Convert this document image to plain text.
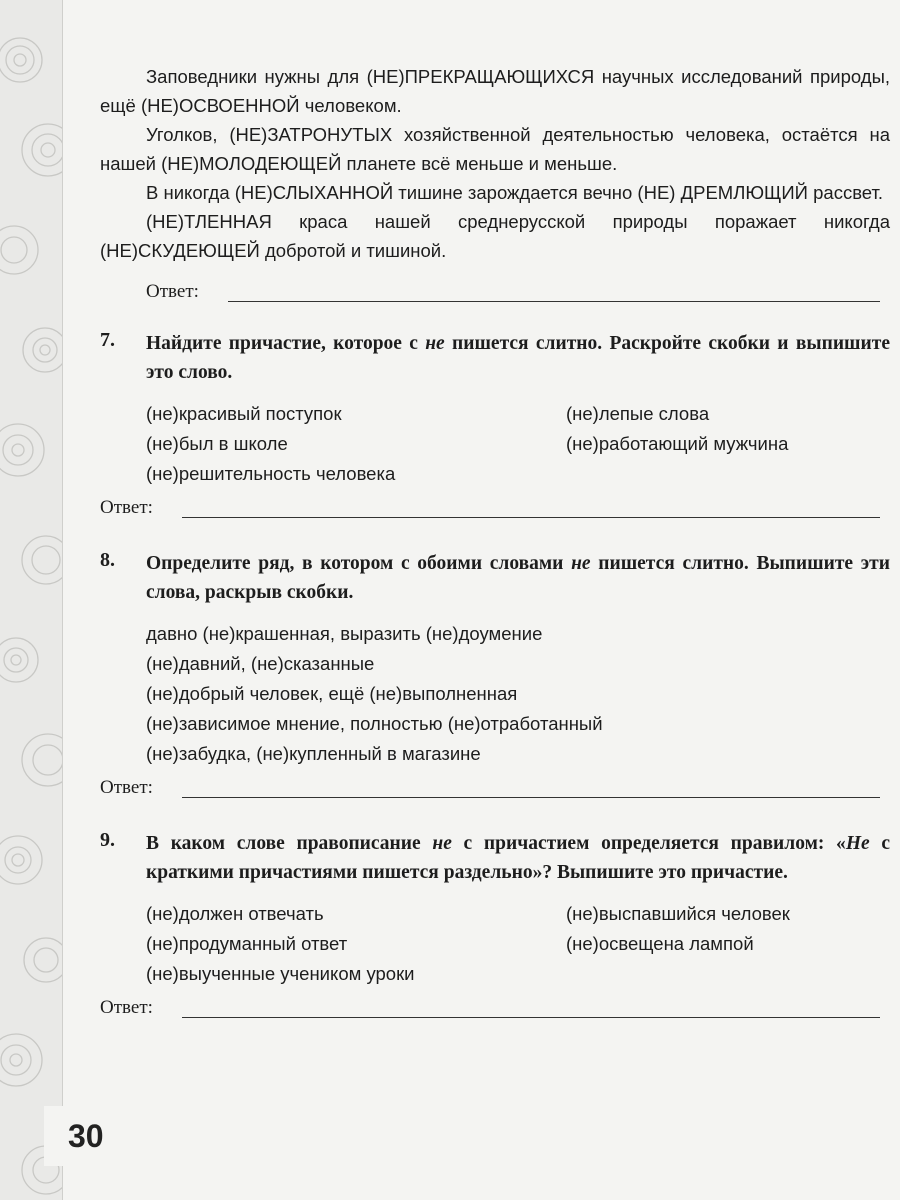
30

Заповедники нужны для (НЕ)ПРЕКРАЩАЮЩИХСЯ научных исследований природы, ещё (НЕ)ОСВОЕННОЙ человеком.

Уголков, (НЕ)ЗАТРОНУТЫХ хозяйственной деятельностью человека, остаётся на нашей (НЕ)МОЛОДЕЮЩЕЙ планете всё меньше и меньше.

В никогда (НЕ)СЛЫХАННОЙ тишине зарождается вечно (НЕ) ДРЕМЛЮЩИЙ рассвет.

(НЕ)ТЛЕННАЯ краса нашей среднерусской природы поражает никогда (НЕ)СКУДЕЮЩЕЙ добротой и тишиной.

Ответ:
7. Найдите причастие, которое с не пишется слитно. Раскройте скобки и выпишите это слово.
(не)красивый поступок	(не)лепые слова
(не)был в школе	(не)работающий мужчина
(не)решительность человека
Ответ:
8. Определите ряд, в котором с обоими словами не пишется слитно. Выпишите эти слова, раскрыв скобки.
давно (не)крашенная, выразить (не)доумение
(не)давний, (не)сказанные
(не)добрый человек, ещё (не)выполненная
(не)зависимое мнение, полностью (не)отработанный
(не)забудка, (не)купленный в магазине
Ответ:
9. В каком слове правописание не с причастием определяется правилом: «Не с краткими причастиями пишется раздельно»? Выпишите это причастие.
(не)должен отвечать	(не)выспавшийся человек
(не)продуманный ответ	(не)освещена лампой
(не)выученные учеником уроки
Ответ:
